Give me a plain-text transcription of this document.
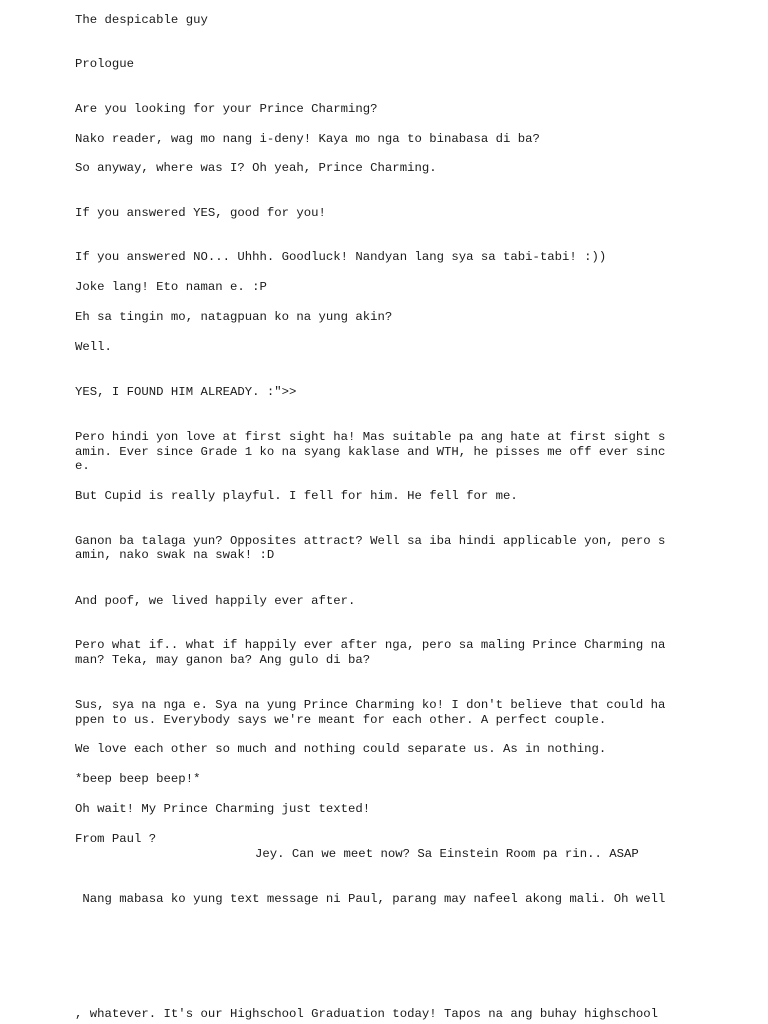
The despicable guy

Prologue

Are you looking for your Prince Charming?

Nako reader, wag mo nang i-deny! Kaya mo nga to binabasa di ba?

So anyway, where was I? Oh yeah, Prince Charming.

If you answered YES, good for you!

If you answered NO... Uhhh. Goodluck! Nandyan lang sya sa tabi-tabi! :))

Joke lang! Eto naman e. :P

Eh sa tingin mo, natagpuan ko na yung akin?

Well.

YES, I FOUND HIM ALREADY. :">>

Pero hindi yon love at first sight ha! Mas suitable pa ang hate at first sight s

amin. Ever since Grade 1 ko na syang kaklase and WTH, he pisses me off ever sinc

e.

But Cupid is really playful. I fell for him. He fell for me.

Ganon ba talaga yun? Opposites attract? Well sa iba hindi applicable yon, pero s

amin, nako swak na swak! :D

And poof, we lived happily ever after.

Pero what if.. what if happily ever after nga, pero sa maling Prince Charming na

man? Teka, may ganon ba? Ang gulo di ba?

Sus, sya na nga e. Sya na yung Prince Charming ko! I don't believe that could ha

ppen to us. Everybody says we're meant for each other. A perfect couple.

We love each other so much and nothing could separate us. As in nothing.

*beep beep beep!*

Oh wait! My Prince Charming just texted!

From Paul ?

Jey. Can we meet now? Sa Einstein Room pa rin.. ASAP

Nang mabasa ko yung text message ni Paul, parang may nafeel akong mali. Oh well

, whatever. It's our Highschool Graduation today! Tapos na ang buhay highschool
